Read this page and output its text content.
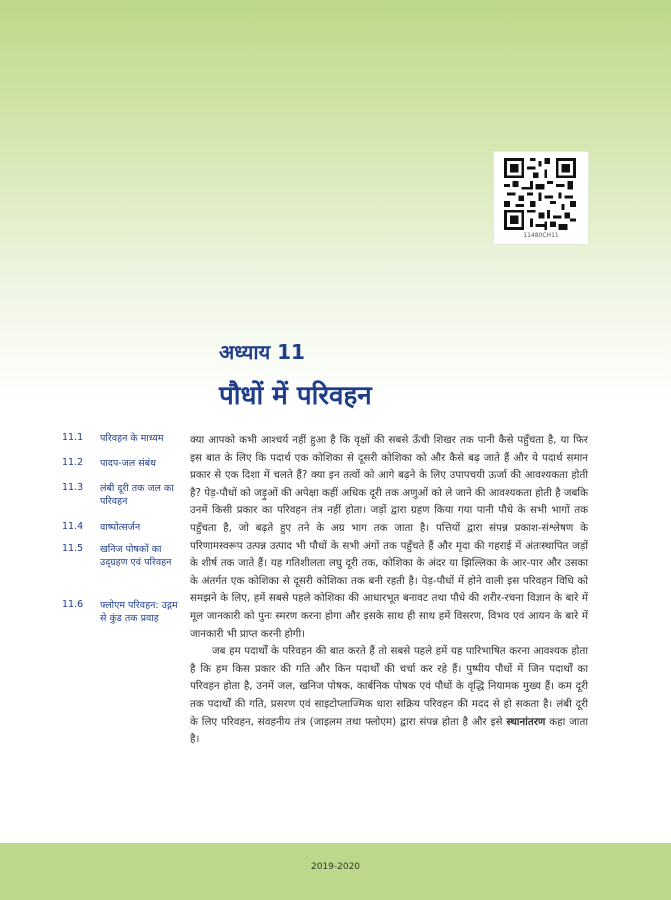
11480CH11
अध्याय 11
पौधों में परिवहन
11.1 परिवहन के माध्यम
11.2 पादप-जल संबंध
11.3 लंबी दूरी तक जल का परिवहन
11.4 वाष्पोत्सर्जन
11.5 खनिज पोषकों का उद्ग्रहण एवं परिवहन
11.6 फ्लोएम परिवहन: उद्गम से कुंड तक प्रवाह

क्या आपको कभी आश्चर्य नहीं हुआ है कि वृक्षों की सबसे ऊँची शिखर तक पानी कैसे पहुँचता है, या फिर इस बात के लिए कि पदार्थ एक कोशिका से दूसरी कोशिका को और कैसे बढ़ जाते हैं और ये पदार्थ समान प्रकार से एक दिशा में चलते हैं? क्या इन तत्वों को आगे बढ़ने के लिए उपापचयी ऊर्जा की आवश्यकता होती है? पेड़-पौधों को जड़ुओं की अपेक्षा कहीं अधिक दूरी तक अणुओं को ले जाने की आवश्यकता होती है जबकि उनमें किसी प्रकार का परिवहन तंत्र नहीं होता। जड़ों द्वारा ग्रहण किया गया पानी पौधे के सभी भागों तक पहुँचता है, जो बढ़ते हुए तने के अग्र भाग तक जाता है। पत्तियों द्वारा संपन्न प्रकाश-संश्लेषण के परिणामस्वरूप उत्पन्न उत्पाद भी पौधों के सभी अंगों तक पहुँचते हैं और मृदा की गहराई में अंतःस्थापित जड़ों के शीर्ष तक जाते हैं। यह गतिशीलता लघु दूरी तक, कोशिका के अंदर या झिल्लिका के आर-पार और उसका के अंतर्गत एक कोशिका से दूसरी कोशिका तक बनी रहती है। पेड़-पौधों में होने वाली इस परिवहन विधि को समझने के लिए, हमें सबसे पहले कोशिका की आधारभूत बनावट तथा पौधे की शरीर-रचना विज्ञान के बारे में मूल जानकारी को पुनः स्मरण करना होगा और इसके साथ ही साथ हमें विसरण, विभव एवं आयन के बारे में जानकारी भी प्राप्त करनी होगी।

जब हम पदार्थों के परिवहन की बात करते हैं तो सबसे पहले हमें यह पारिभाषित करना आवश्यक होता है कि हम किस प्रकार की गति और किन पदार्थों की चर्चा कर रहे हैं। पुष्पीय पौधों में जिन पदार्थों का परिवहन होता है, उनमें जल, खनिज पोषक, कार्बनिक पोषक एवं पौधों के वृद्धि नियामक मुख्य हैं। कम दूरी तक पदार्थों की गति, प्रसरण एवं साइटोप्लाज्मिक धारा सक्रिय परिवहन की मदद से हो सकता है। लंबी दूरी के लिए परिवहन, संवहनीय तंत्र (जाइलम तथा फ्लोएम) द्वारा संपन्न होता है और इसे स्थानांतरण कहा जाता है।

2019-2020
